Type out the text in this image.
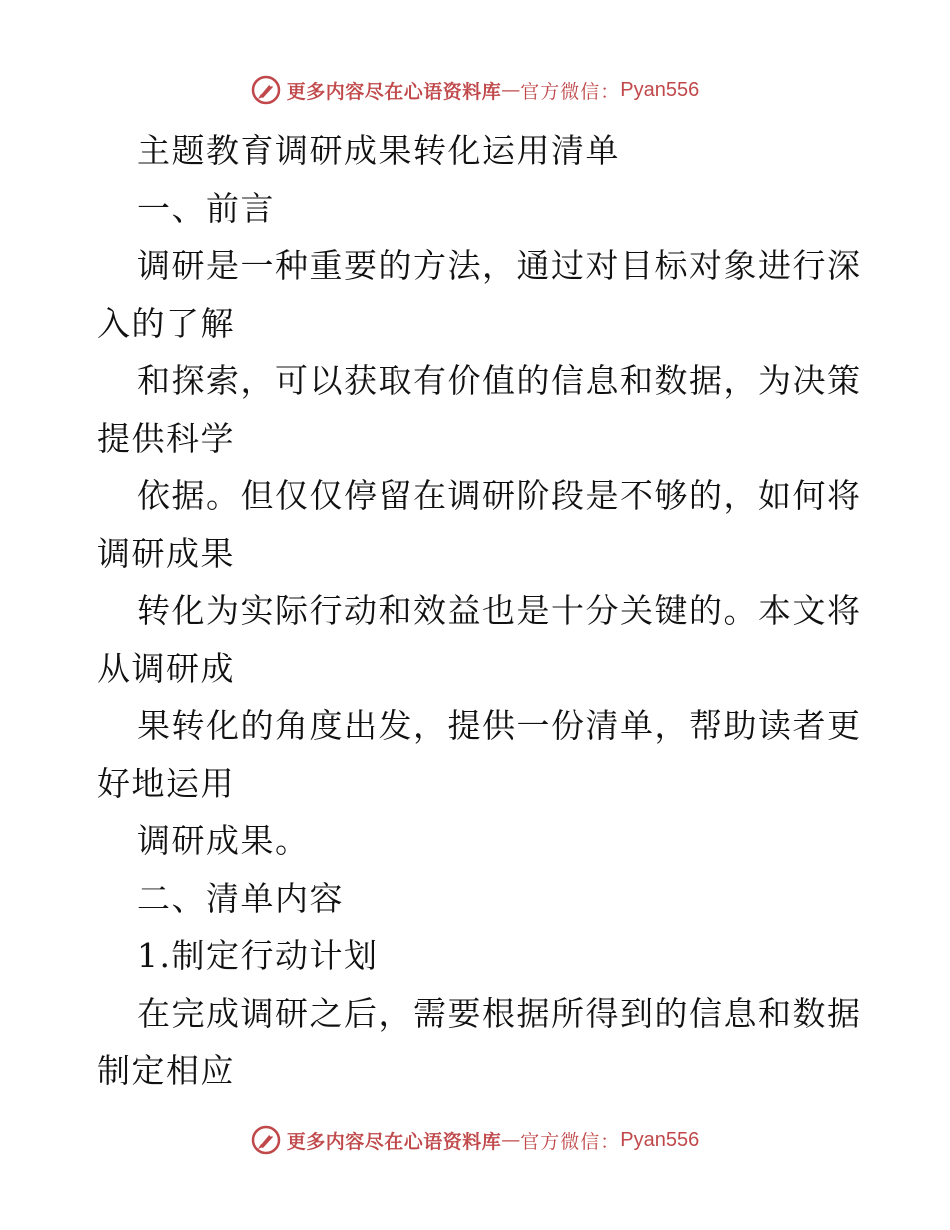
更多内容尽在心语资料库 — 官方微信： Pyan556
主题教育调研成果转化运用清单
一、前言
调研是一种重要的方法，通过对目标对象进行深
入的了解
和探索，可以获取有价值的信息和数据，为决策
提供科学
依据。但仅仅停留在调研阶段是不够的，如何将
调研成果
转化为实际行动和效益也是十分关键的。本文将
从调研成
果转化的角度出发，提供一份清单，帮助读者更
好地运用
调研成果。
二、清单内容
1.制定行动计划
在完成调研之后，需要根据所得到的信息和数据
制定相应
更多内容尽在心语资料库 — 官方微信： Pyan556
